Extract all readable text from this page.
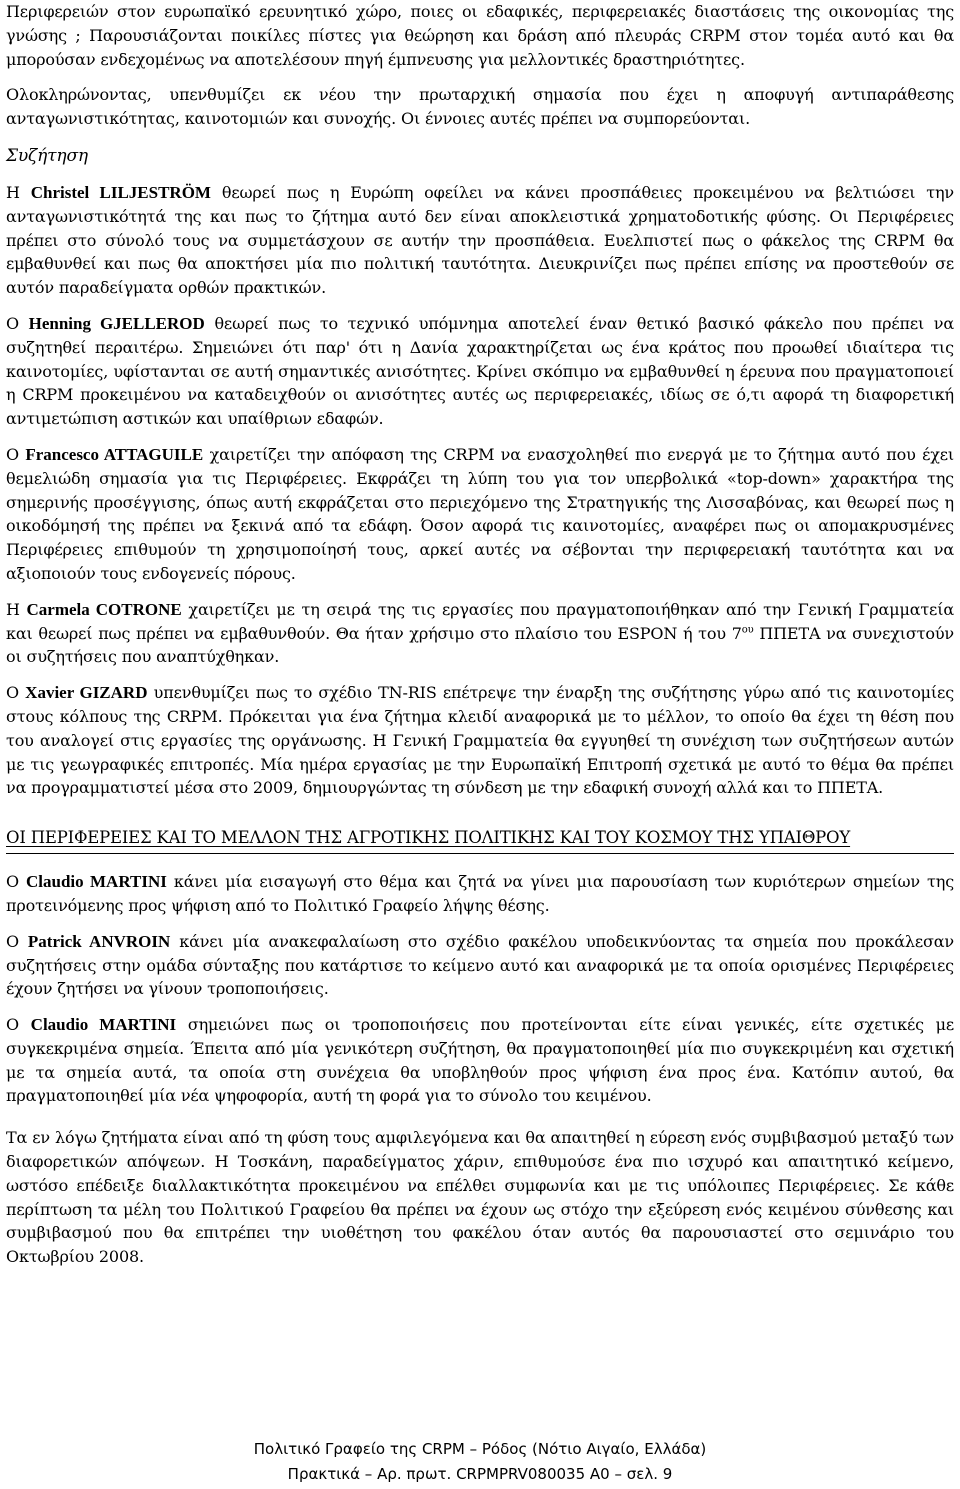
Περιφερειών στον ευρωπαϊκό ερευνητικό χώρο, ποιες οι εδαφικές, περιφερειακές διαστάσεις της οικονομίας της γνώσης ; Παρουσιάζονται ποικίλες πίστες για θεώρηση και δράση από πλευράς CRPM στον τομέα αυτό και θα μπορούσαν ενδεχομένως να αποτελέσουν πηγή έμπνευσης για μελλοντικές δραστηριότητες.

Ολοκληρώνοντας, υπενθυμίζει εκ νέου την πρωταρχική σημασία που έχει η αποφυγή αντιπαράθεσης ανταγωνιστικότητας, καινοτομιών και συνοχής. Οι έννοιες αυτές πρέπει να συμπορεύονται.

Συζήτηση

Η Christel LILJESTRÖM θεωρεί πως η Ευρώπη οφείλει να κάνει προσπάθειες προκειμένου να βελτιώσει την ανταγωνιστικότητά της και πως το ζήτημα αυτό δεν είναι αποκλειστικά χρηματοδοτικής φύσης. Οι Περιφέρειες πρέπει στο σύνολό τους να συμμετάσχουν σε αυτήν την προσπάθεια. Ευελπιστεί πως ο φάκελος της CRPM θα εμβαθυνθεί και πως θα αποκτήσει μία πιο πολιτική ταυτότητα. Διευκρινίζει πως πρέπει επίσης να προστεθούν σε αυτόν παραδείγματα ορθών πρακτικών.

Ο Henning GJELLEROD θεωρεί πως το τεχνικό υπόμνημα αποτελεί έναν θετικό βασικό φάκελο που πρέπει να συζητηθεί περαιτέρω. Σημειώνει ότι παρ' ότι η Δανία χαρακτηρίζεται ως ένα κράτος που προωθεί ιδιαίτερα τις καινοτομίες, υφίστανται σε αυτή σημαντικές ανισότητες. Κρίνει σκόπιμο να εμβαθυνθεί η έρευνα που πραγματοποιεί η CRPM προκειμένου να καταδειχθούν οι ανισότητες αυτές ως περιφερειακές, ιδίως σε ό,τι αφορά τη διαφορετική αντιμετώπιση αστικών και υπαίθριων εδαφών.

Ο Francesco ATTAGUILE χαιρετίζει την απόφαση της CRPM να ενασχοληθεί πιο ενεργά με το ζήτημα αυτό που έχει θεμελιώδη σημασία για τις Περιφέρειες. Εκφράζει τη λύπη του για τον υπερβολικά «top-down» χαρακτήρα της σημερινής προσέγγισης, όπως αυτή εκφράζεται στο περιεχόμενο της Στρατηγικής της Λισσαβόνας, και θεωρεί πως η οικοδόμησή της πρέπει να ξεκινά από τα εδάφη. Όσον αφορά τις καινοτομίες, αναφέρει πως οι απομακρυσμένες Περιφέρειες επιθυμούν τη χρησιμοποίησή τους, αρκεί αυτές να σέβονται την περιφερειακή ταυτότητα και να αξιοποιούν τους ενδογενείς πόρους.

Η Carmela COTRONE χαιρετίζει με τη σειρά της τις εργασίες που πραγματοποιήθηκαν από την Γενική Γραμματεία και θεωρεί πως πρέπει να εμβαθυνθούν. Θα ήταν χρήσιμο στο πλαίσιο του ESPON ή του $7^{o\upsilon}$ ΠΠΕΤΑ να συνεχιστούν οι συζητήσεις που αναπτύχθηκαν.

Ο Xavier GIZARD υπενθυμίζει πως το σχέδιο TN-RIS επέτρεψε την έναρξη της συζήτησης γύρω από τις καινοτομίες στους κόλπους της CRPM. Πρόκειται για ένα ζήτημα κλειδί αναφορικά με το μέλλον, το οποίο θα έχει τη θέση που του αναλογεί στις εργασίες της οργάνωσης. Η Γενική Γραμματεία θα εγγυηθεί τη συνέχιση των συζητήσεων αυτών με τις γεωγραφικές επιτροπές. Μία ημέρα εργασίας με την Ευρωπαϊκή Επιτροπή σχετικά με αυτό το θέμα θα πρέπει να προγραμματιστεί μέσα στο 2009, δημιουργώντας τη σύνδεση με την εδαφική συνοχή αλλά και το ΠΠΕΤΑ.

ΟΙ ΠΕΡΙΦΕΡΕΙΕΣ ΚΑΙ ΤΟ ΜΕΛΛΟΝ ΤΗΣ ΑΓΡΟΤΙΚΗΣ ΠΟΛΙΤΙΚΗΣ ΚΑΙ ΤΟΥ ΚΟΣΜΟΥ ΤΗΣ ΥΠΑΙΘΡΟΥ

Ο Claudio MARTINI κάνει μία εισαγωγή στο θέμα και ζητά να γίνει μια παρουσίαση των κυριότερων σημείων της προτεινόμενης προς ψήφιση από το Πολιτικό Γραφείο λήψης θέσης.

Ο Patrick ANVROIN κάνει μία ανακεφαλαίωση στο σχέδιο φακέλου υποδεικνύοντας τα σημεία που προκάλεσαν συζητήσεις στην ομάδα σύνταξης που κατάρτισε το κείμενο αυτό και αναφορικά με τα οποία ορισμένες Περιφέρειες έχουν ζητήσει να γίνουν τροποποιήσεις.

Ο Claudio MARTINI σημειώνει πως οι τροποποιήσεις που προτείνονται είτε είναι γενικές, είτε σχετικές με συγκεκριμένα σημεία. Έπειτα από μία γενικότερη συζήτηση, θα πραγματοποιηθεί μία πιο συγκεκριμένη και σχετική με τα σημεία αυτά, τα οποία στη συνέχεια θα υποβληθούν προς ψήφιση ένα προς ένα. Κατόπιν αυτού, θα πραγματοποιηθεί μία νέα ψηφοφορία, αυτή τη φορά για το σύνολο του κειμένου.

Τα εν λόγω ζητήματα είναι από τη φύση τους αμφιλεγόμενα και θα απαιτηθεί η εύρεση ενός συμβιβασμού μεταξύ των διαφορετικών απόψεων. Η Τοσκάνη, παραδείγματος χάριν, επιθυμούσε ένα πιο ισχυρό και απαιτητικό κείμενο, ωστόσο επέδειξε διαλλακτικότητα προκειμένου να επέλθει συμφωνία και με τις υπόλοιπες Περιφέρειες. Σε κάθε περίπτωση τα μέλη του Πολιτικού Γραφείου θα πρέπει να έχουν ως στόχο την εξεύρεση ενός κειμένου σύνθεσης και συμβιβασμού που θα επιτρέπει την υιοθέτηση του φακέλου όταν αυτός θα παρουσιαστεί στο σεμινάριο του Οκτωβρίου 2008.

Πολιτικό Γραφείο της CRPM – Ρόδος (Νότιο Αιγαίο, Ελλάδα)
Πρακτικά – Αρ. πρωτ. CRPMPRV080035 A0 – σελ. 9
